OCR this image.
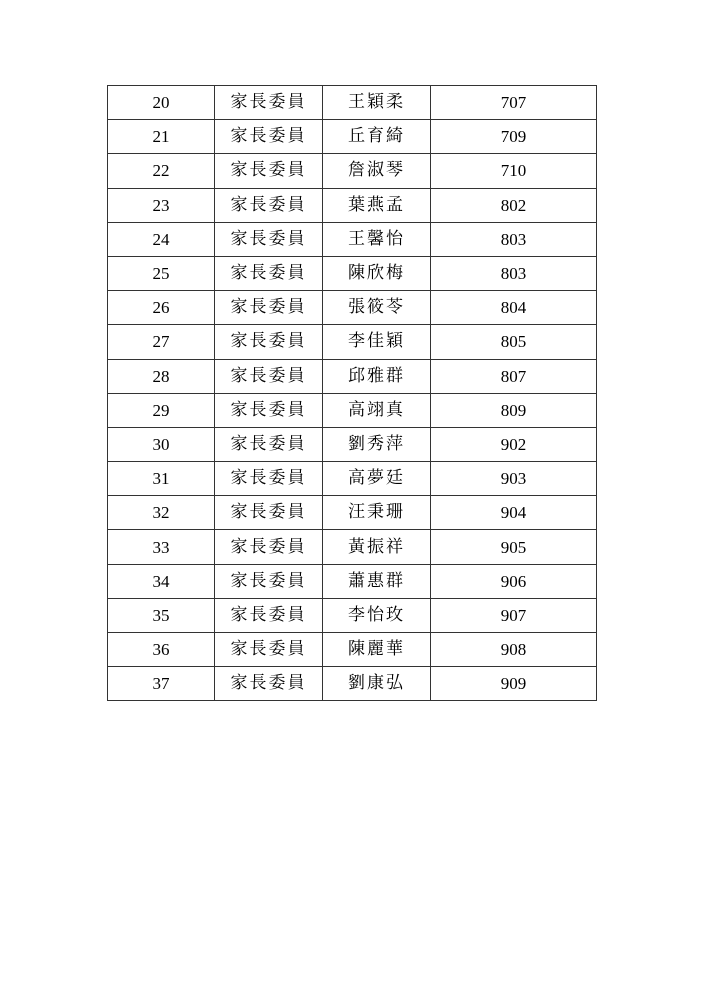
20	家長委員	王穎柔	707
21	家長委員	丘育綺	709
22	家長委員	詹淑琴	710
23	家長委員	葉燕孟	802
24	家長委員	王馨怡	803
25	家長委員	陳欣梅	803
26	家長委員	張筱苓	804
27	家長委員	李佳穎	805
28	家長委員	邱雅群	807
29	家長委員	高翊真	809
30	家長委員	劉秀萍	902
31	家長委員	高夢廷	903
32	家長委員	汪秉珊	904
33	家長委員	黃振祥	905
34	家長委員	蕭惠群	906
35	家長委員	李怡玫	907
36	家長委員	陳麗華	908
37	家長委員	劉康弘	909
